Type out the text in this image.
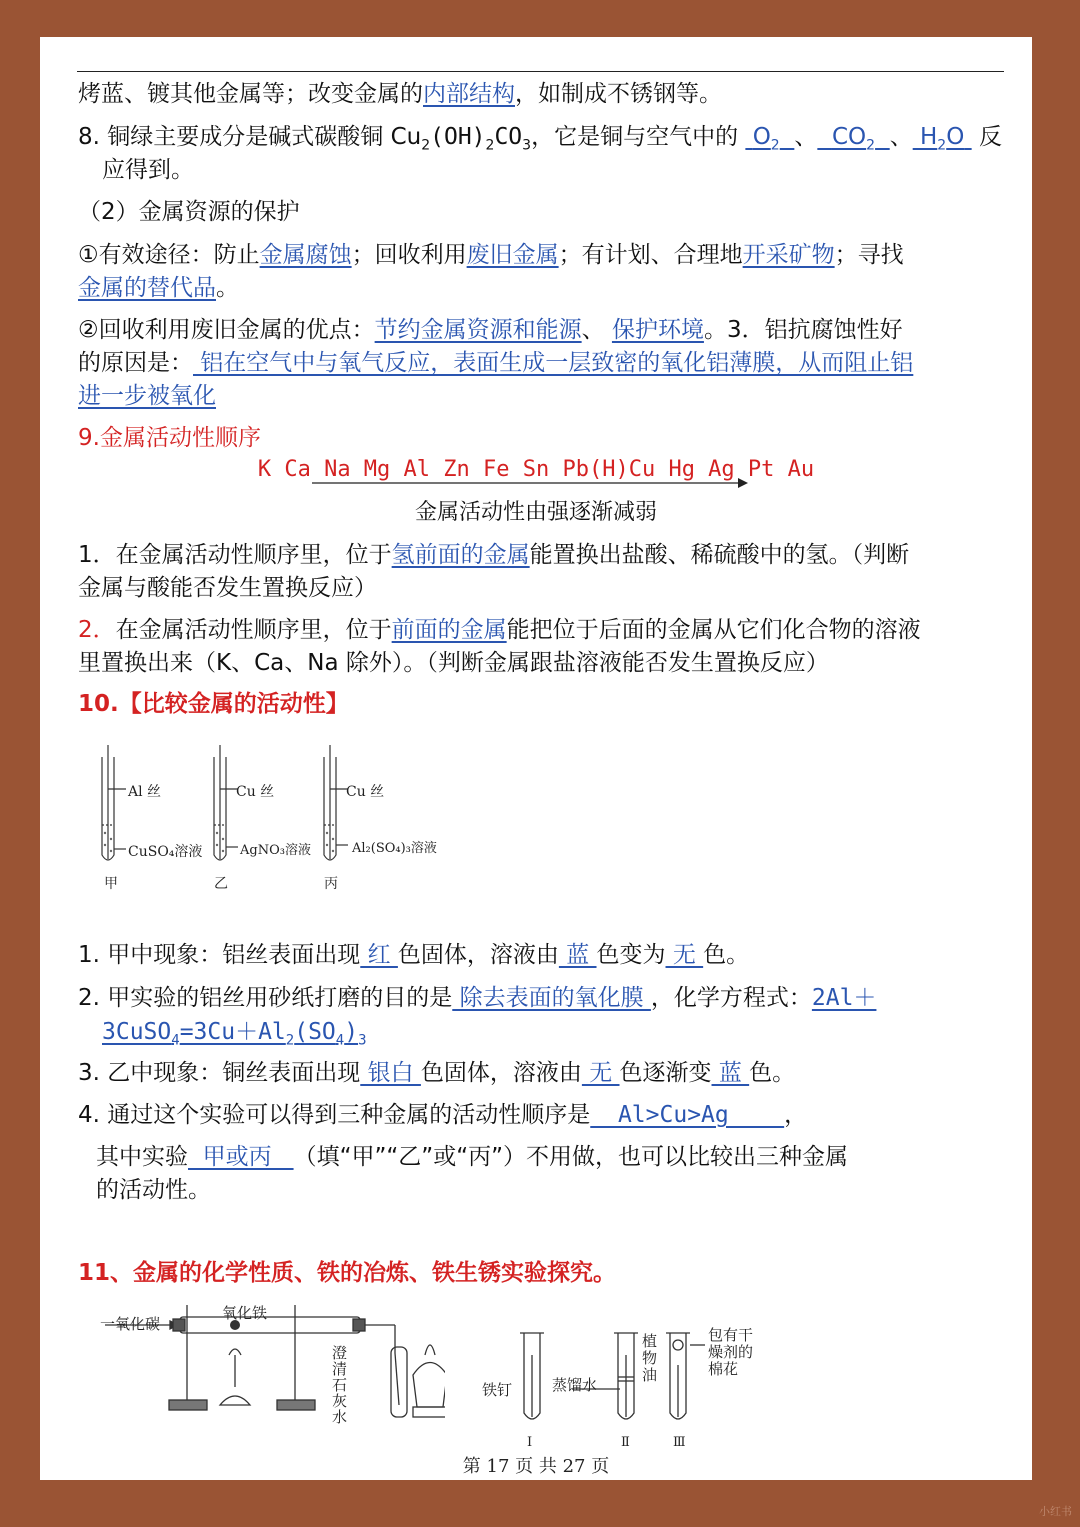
烤蓝、镀其他金属等；改变金属的内部结构，如制成不锈钢等。
8. 铜绿主要成分是碱式碳酸铜 $Cu_2(OH)_2CO_3$，它是铜与空气中的 $O_2$ 、 $CO_2$ 、 $H_2O$ 反
应得到。
（2）金属资源的保护
①有效途径：防止金属腐蚀；回收利用废旧金属；有计划、合理地开采矿物；寻找
金属的替代品。
②回收利用废旧金属的优点：节约金属资源和能源、 保护环境。3．铝抗腐蚀性好
的原因是： 铝在空气中与氧气反应，表面生成一层致密的氧化铝薄膜，从而阻止铝
进一步被氧化
9.金属活动性顺序
K Ca Na Mg Al Zn Fe Sn Pb(H)Cu Hg Ag Pt Au
金属活动性由强逐渐减弱
1．在金属活动性顺序里，位于氢前面的金属能置换出盐酸、稀硫酸中的氢。（判断
金属与酸能否发生置换反应）
2．在金属活动性顺序里，位于前面的金属能把位于后面的金属从它们化合物的溶液
里置换出来（K、Ca、Na 除外）。（判断金属跟盐溶液能否发生置换反应）
10.【比较金属的活动性】
Al 丝
CuSO₄溶液
甲
Cu 丝
AgNO₃溶液
乙
Cu 丝
Al₂(SO₄)₃溶液
丙
1. 甲中现象：铝丝表面出现 红 色固体，溶液由 蓝 色变为 无 色。
2. 甲实验的铝丝用砂纸打磨的目的是 除去表面的氧化膜 ，化学方程式：2Al＋
$3CuSO_4=3Cu+Al_2(SO_4)_3$
3. 乙中现象：铜丝表面出现 银白 色固体，溶液由 无 色逐渐变 蓝 色。
4. 通过这个实验可以得到三种金属的活动性顺序是  Al>Cu>Ag    ，
其中实验  甲或丙   （填“甲”“乙”或“丙”）不用做，也可以比较出三种金属
的活动性。
11、金属的化学性质、铁的冶炼、铁生锈实验探究。
一氧化碳
氧化铁
澄
清
石
灰
水
铁钉	蒸馏水
植
物
油
包有干
燥剂的
棉花
Ⅰ	Ⅱ	Ⅲ
第 17 页 共 27 页
小红书
